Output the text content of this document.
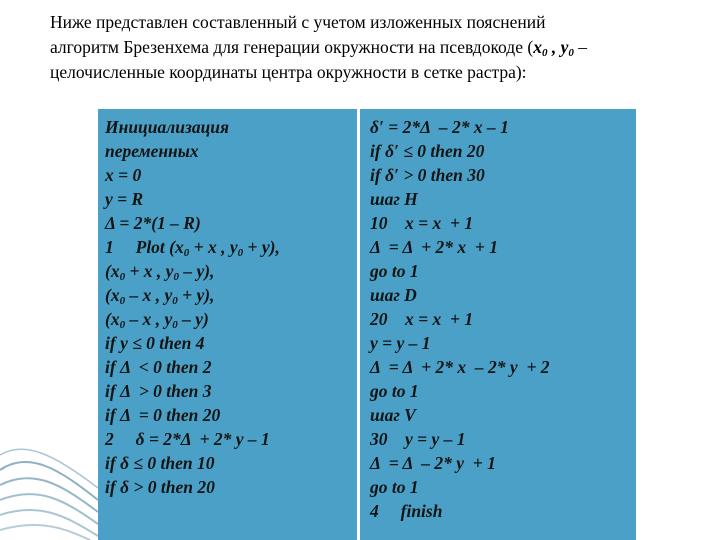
Ниже представлен составленный с учетом изложенных пояснений
алгоритм Брезенхема для генерации окружности на псевдокоде ($x_0$ , $y_0$ –
целочисленные координаты центра окружности в сетке растра):
Инициализация
переменных
x = 0
y = R
Δ = 2*(1 – R)
1     Plot ($x_0 + x$ , $y_0 + y$),
($x_0 + x$ , $y_0 - y$),
($x_0$ – x , $y_0 + y$),
($x_0$ – x , $y_0 - y$)
if y ≤ 0 then 4
if Δ  < 0 then 2
if Δ  > 0 then 3
if Δ  = 0 then 20
2     δ = 2*Δ  + 2* y – 1
if δ ≤ 0 then 10
if δ > 0 then 20
δ′ = 2*Δ  – 2* x – 1
if δ′ ≤ 0 then 20
if δ′ > 0 then 30
шаг H
10    x = x  + 1
Δ  = Δ  + 2* x  + 1
go to 1
шаг D
20    x = x  + 1
y = y – 1
Δ  = Δ  + 2* x  – 2* y  + 2
go to 1
шаг V
30    y = y – 1
Δ  = Δ  – 2* y  + 1
go to 1
4     finish
